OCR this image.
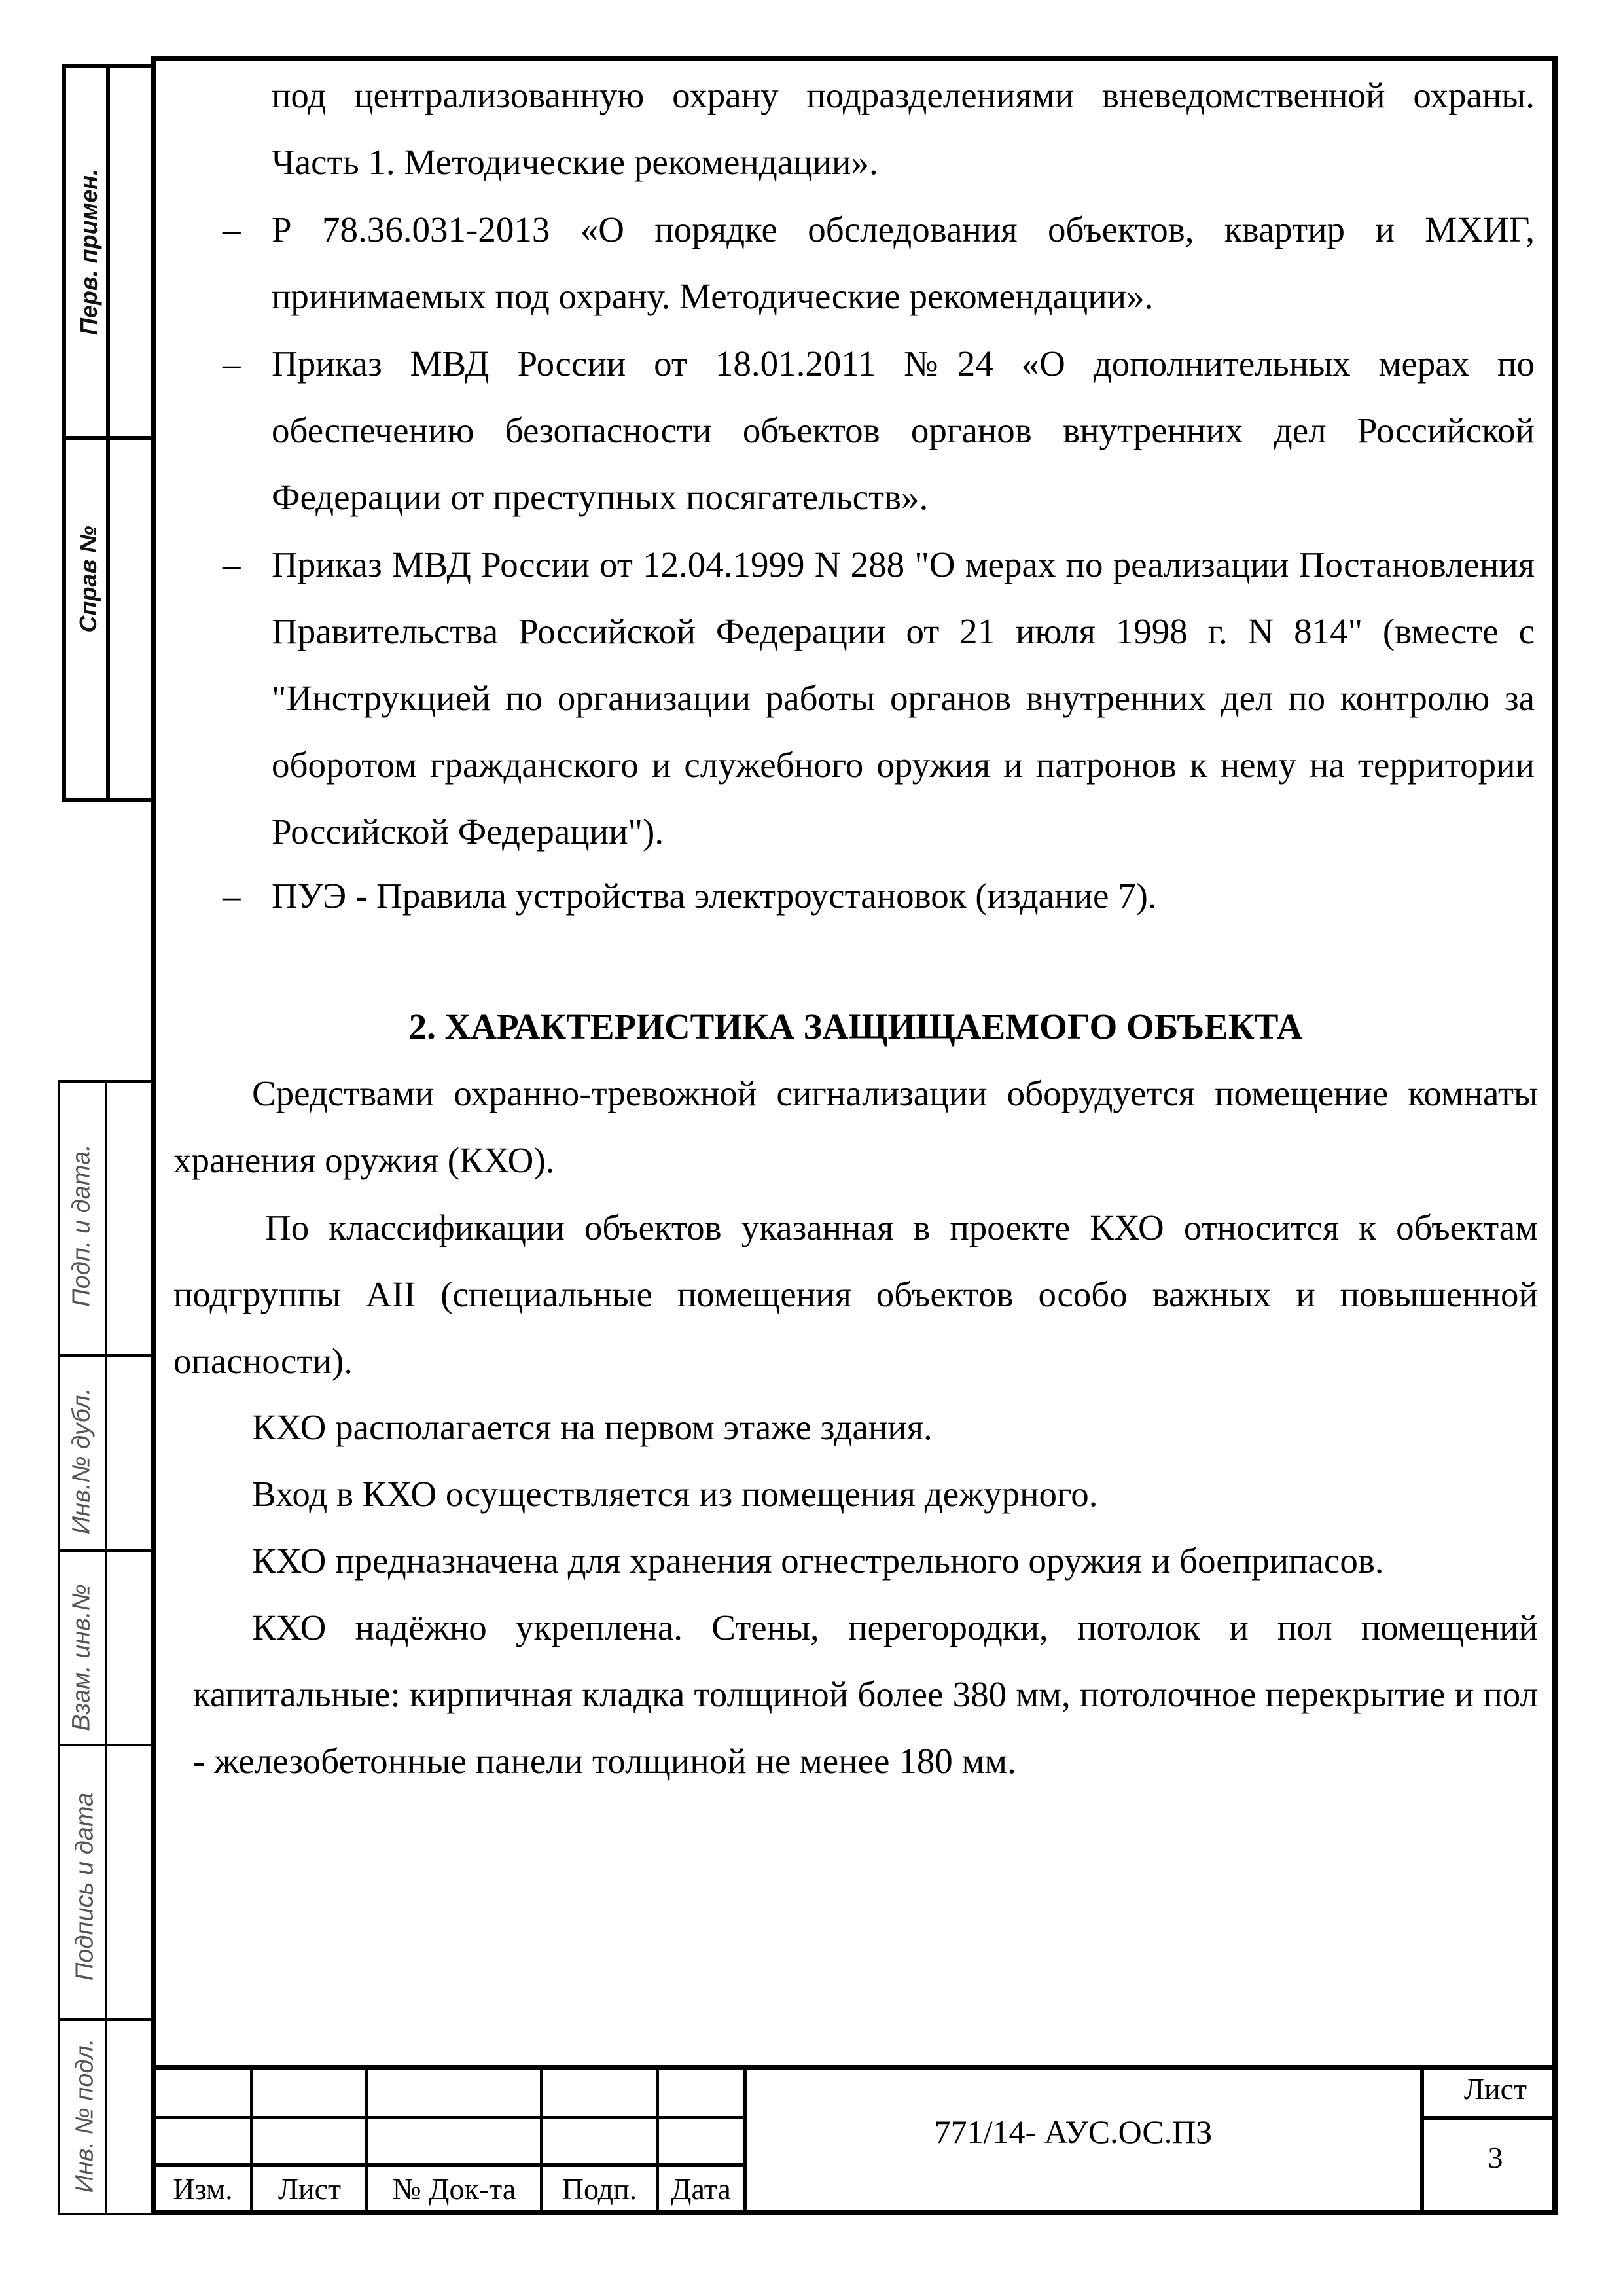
Перв. примен.
Справ №
Подп. и дата.
Инв.№ дубл.
Взам. инв.№
Подпись и дата
Инв. № подл.
под централизованную охрану подразделениями вневедомственной охраны. Часть 1. Методические рекомендации».
– Р 78.36.031-2013 «О порядке обследования объектов, квартир и МХИГ, принимаемых под охрану. Методические рекомендации».
– Приказ МВД России от 18.01.2011 №24 «О дополнительных мерах по обеспечению безопасности объектов органов внутренних дел Российской Федерации от преступных посягательств».
– Приказ МВД России от 12.04.1999 N 288 "О мерах по реализации Постановления Правительства Российской Федерации от 21 июля 1998 г. N 814" (вместе с "Инструкцией по организации работы органов внутренних дел по контролю за оборотом гражданского и служебного оружия и патронов к нему на территории Российской Федерации").
– ПУЭ - Правила устройства электроустановок (издание 7).
2. ХАРАКТЕРИСТИКА ЗАЩИЩАЕМОГО ОБЪЕКТА
Средствами охранно-тревожной сигнализации оборудуется помещение комнаты хранения оружия (КХО).
По классификации объектов указанная в проекте КХО относится к объектам подгруппы АII (специальные помещения объектов особо важных и повышенной опасности).
КХО располагается на первом этаже здания.
Вход в КХО осуществляется из помещения дежурного.
КХО предназначена для хранения огнестрельного оружия и боеприпасов.
КХО надёжно укреплена. Стены, перегородки, потолок и пол помещений капитальные: кирпичная кладка толщиной более 380 мм, потолочное перекрытие и пол - железобетонные панели толщиной не менее 180 мм.
Изм.	Лист	№ Док-та	Подп.	Дата
771/14- АУС.ОС.ПЗ
Лист
3
